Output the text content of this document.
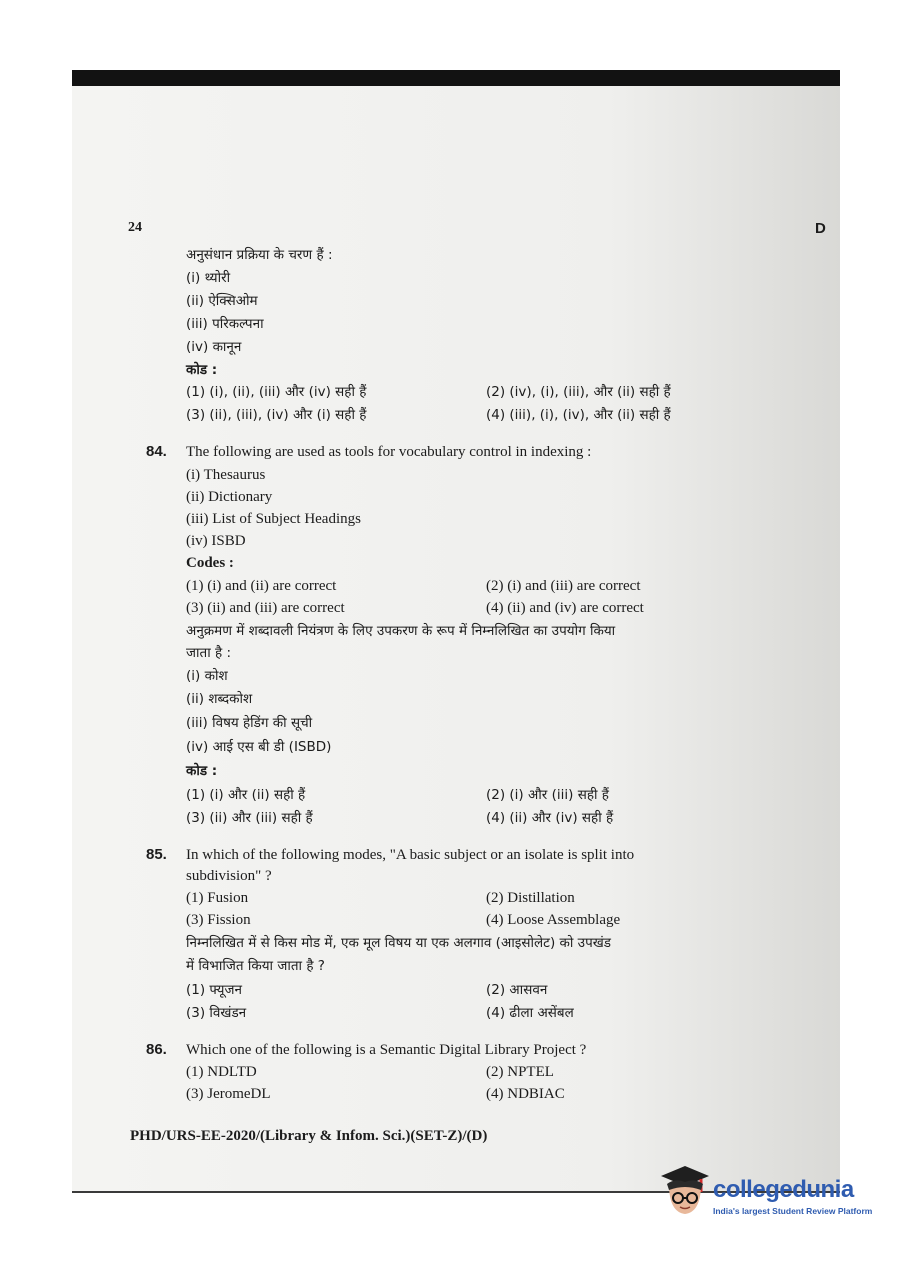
24	D
अनुसंधान प्रक्रिया के चरण हैं :
(i) थ्योरी
(ii) ऐक्सिओम
(iii) परिकल्पना
(iv) कानून
कोड :
(1) (i), (ii), (iii) और (iv) सही हैं	(2) (iv), (i), (iii), और (ii) सही हैं
(3) (ii), (iii), (iv) और (i) सही हैं	(4) (iii), (i), (iv), और (ii) सही हैं
84. The following are used as tools for vocabulary control in indexing :
(i) Thesaurus
(ii) Dictionary
(iii) List of Subject Headings
(iv) ISBD
Codes :
(1) (i) and (ii) are correct	(2) (i) and (iii) are correct
(3) (ii) and (iii) are correct	(4) (ii) and (iv) are correct
अनुक्रमण में शब्दावली नियंत्रण के लिए उपकरण के रूप में निम्नलिखित का उपयोग किया
जाता है :
(i) कोश
(ii) शब्दकोश
(iii) विषय हेडिंग की सूची
(iv) आई एस बी डी (ISBD)
कोड :
(1) (i) और (ii) सही हैं	(2) (i) और (iii) सही हैं
(3) (ii) और (iii) सही हैं	(4) (ii) और (iv) सही हैं
85. In which of the following modes, "A basic subject or an isolate is split into
subdivision" ?
(1) Fusion	(2) Distillation
(3) Fission	(4) Loose Assemblage
निम्नलिखित में से किस मोड में, एक मूल विषय या एक अलगाव (आइसोलेट) को उपखंड
में विभाजित किया जाता है ?
(1) फ्यूजन	(2) आसवन
(3) विखंडन	(4) ढीला असेंबल
86. Which one of the following is a Semantic Digital Library Project ?
(1) NDLTD	(2) NPTEL
(3) JeromeDL	(4) NDBIAC
PHD/URS-EE-2020/(Library & Infom. Sci.)(SET-Z)/(D)
collegedunia
India's largest Student Review Platform
